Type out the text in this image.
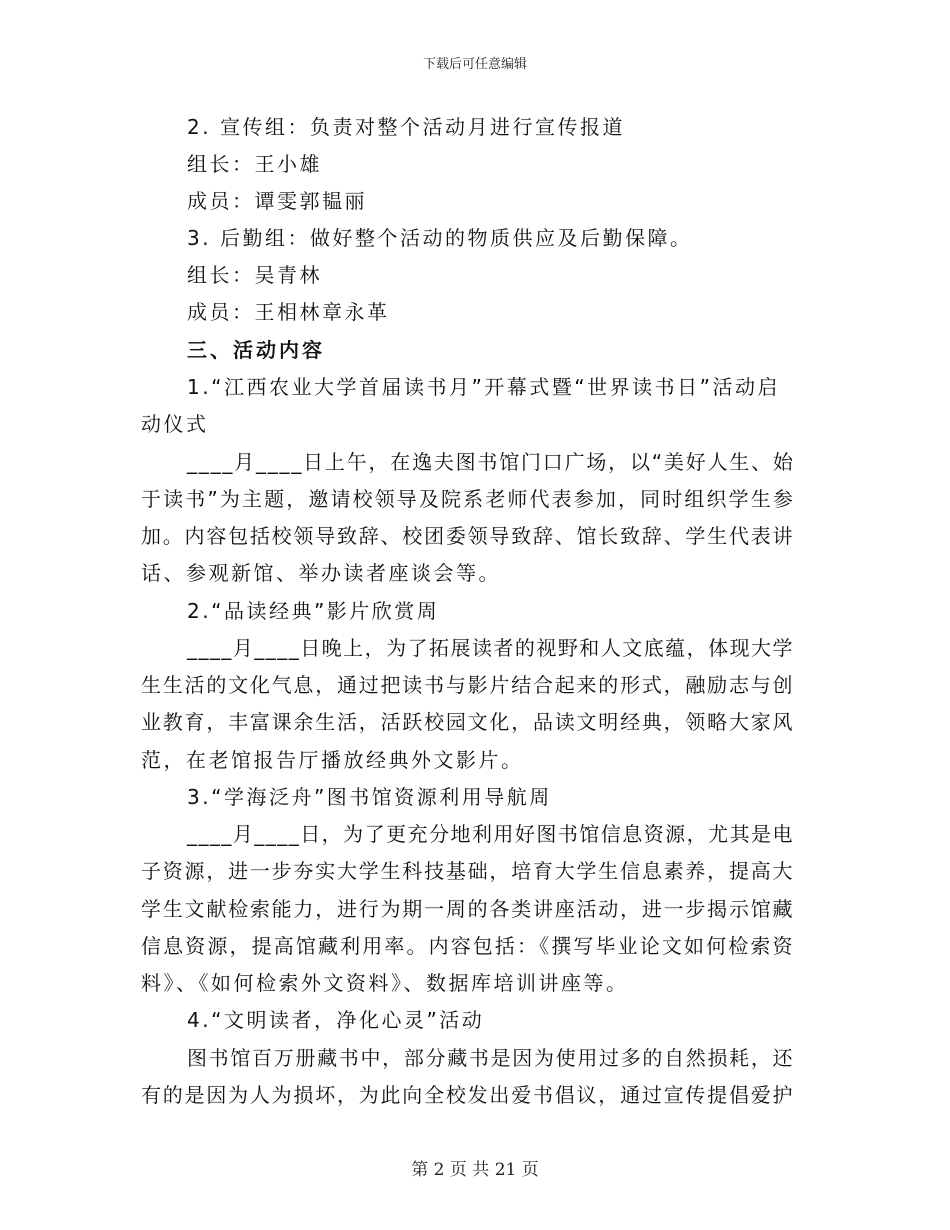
下载后可任意编辑
2. 宣传组：负责对整个活动月进行宣传报道
组长：王小雄
成员：谭雯郭韫丽
3. 后勤组：做好整个活动的物质供应及后勤保障。
组长：吴青林
成员：王相林章永革
三、活动内容
1.“江西农业大学首届读书月”开幕式暨“世界读书日”活动启
动仪式
____月____日上午，在逸夫图书馆门口广场，以“美好人生、始
于读书”为主题，邀请校领导及院系老师代表参加，同时组织学生参
加。内容包括校领导致辞、校团委领导致辞、馆长致辞、学生代表讲
话、参观新馆、举办读者座谈会等。
2.“品读经典”影片欣赏周
____月____日晚上，为了拓展读者的视野和人文底蕴，体现大学
生生活的文化气息，通过把读书与影片结合起来的形式，融励志与创
业教育，丰富课余生活，活跃校园文化，品读文明经典，领略大家风
范，在老馆报告厅播放经典外文影片。
3.“学海泛舟”图书馆资源利用导航周
____月____日，为了更充分地利用好图书馆信息资源，尤其是电
子资源，进一步夯实大学生科技基础，培育大学生信息素养，提高大
学生文献检索能力，进行为期一周的各类讲座活动，进一步揭示馆藏
信息资源，提高馆藏利用率。内容包括：《撰写毕业论文如何检索资
料》、《如何检索外文资料》、数据库培训讲座等。
4.“文明读者，净化心灵”活动
图书馆百万册藏书中，部分藏书是因为使用过多的自然损耗，还
有的是因为人为损坏，为此向全校发出爱书倡议，通过宣传提倡爱护
第 2 页 共 21 页
